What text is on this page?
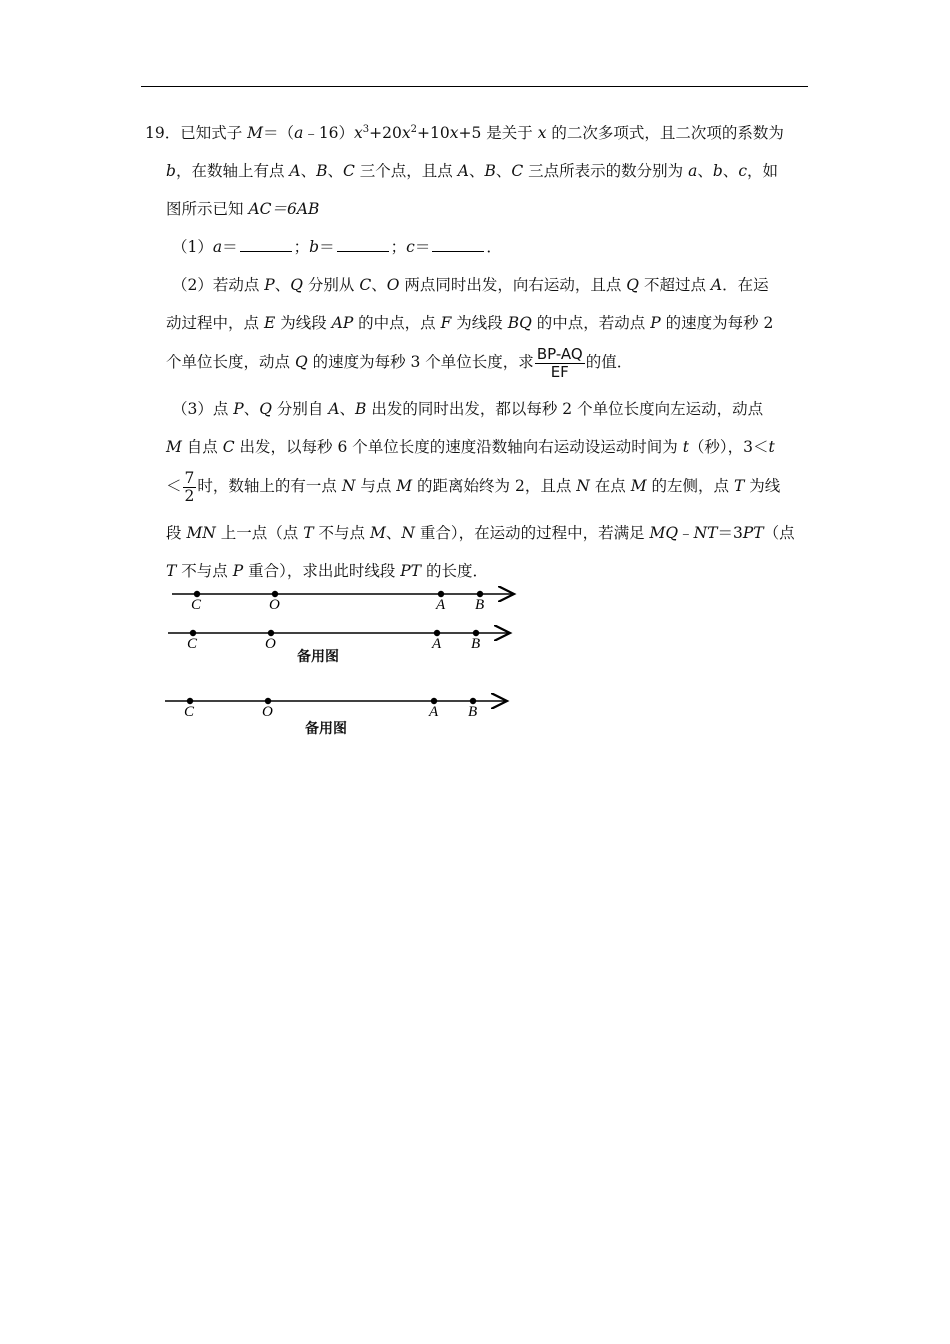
19．已知式子 $M=(a﹣16)x^3+20x^2+10x+5$ 是关于 x 的二次多项式，且二次项的系数为
b，在数轴上有点 A、B、C 三个点，且点 A、B、C 三点所表示的数分别为 a、b、c，如
图所示已知 AC＝6AB
（1）a＝	；b＝	；c＝	．
（2）若动点 P、Q 分别从 C、O 两点同时出发，向右运动，且点 Q 不超过点 A．在运
动过程中，点 E 为线段 AP 的中点，点 F 为线段 BQ 的中点，若动点 P 的速度为每秒 2
个单位长度，动点 Q 的速度为每秒 3 个单位长度，求 $\frac{BP-AQ}{EF}$ 的值．
（3）点 P、Q 分别自 A、B 出发的同时出发，都以每秒 2 个单位长度向左运动，动点
M 自点 C 出发，以每秒 6 个单位长度的速度沿数轴向右运动设运动时间为 t（秒），3＜t
＜ $\frac{7}{2}$ 时，数轴上的有一点 N 与点 M 的距离始终为 2，且点 N 在点 M 的左侧，点 T 为线
段 MN 上一点（点 T 不与点 M、N 重合），在运动的过程中，若满足 MQ﹣NT＝3PT（点
T 不与点 P 重合），求出此时线段 PT 的长度．
C	O	A B
C	O	A B
C	O	A B
备用图
备用图
